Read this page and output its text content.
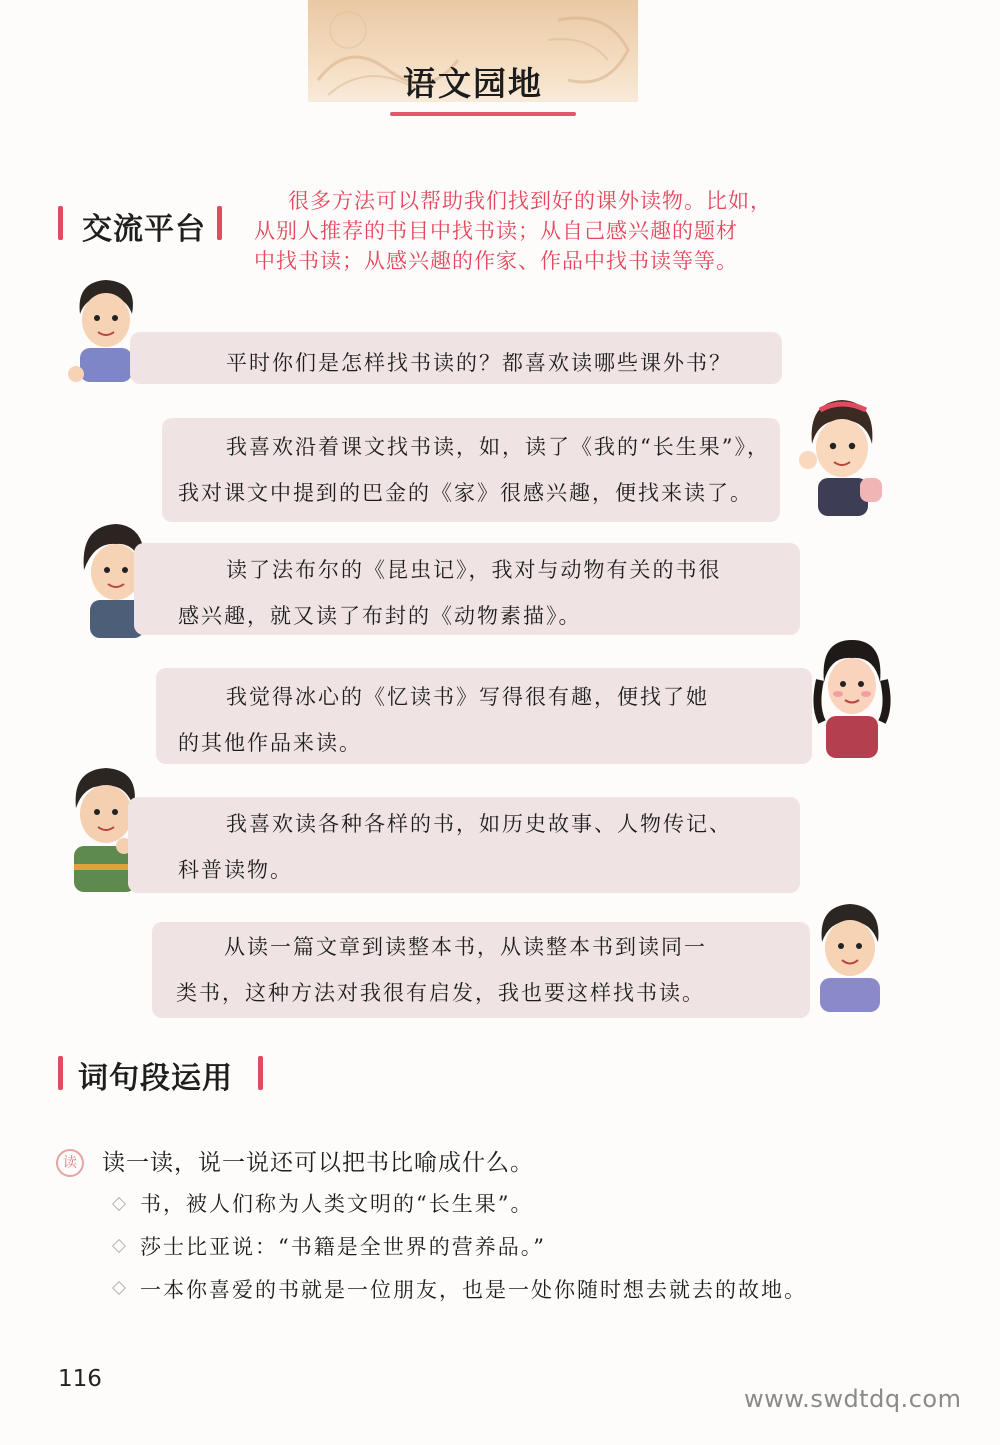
语文园地
交流平台
很多方法可以帮助我们找到好的课外读物。比如，
从别人推荐的书目中找书读；从自己感兴趣的题材
中找书读；从感兴趣的作家、作品中找书读等等。
平时你们是怎样找书读的？都喜欢读哪些课外书？
我喜欢沿着课文找书读，如，读了《我的“长生果”》，
我对课文中提到的巴金的《家》很感兴趣，便找来读了。
读了法布尔的《昆虫记》，我对与动物有关的书很
感兴趣，就又读了布封的《动物素描》。
我觉得冰心的《忆读书》写得很有趣，便找了她
的其他作品来读。
我喜欢读各种各样的书，如历史故事、人物传记、
科普读物。
从读一篇文章到读整本书，从读整本书到读同一
类书，这种方法对我很有启发，我也要这样找书读。
词句段运用
读	读一读，说一说还可以把书比喻成什么。
书，被人们称为人类文明的“长生果”。
莎士比亚说：“书籍是全世界的营养品。”
一本你喜爱的书就是一位朋友，也是一处你随时想去就去的故地。
116
www.swdtdq.com
